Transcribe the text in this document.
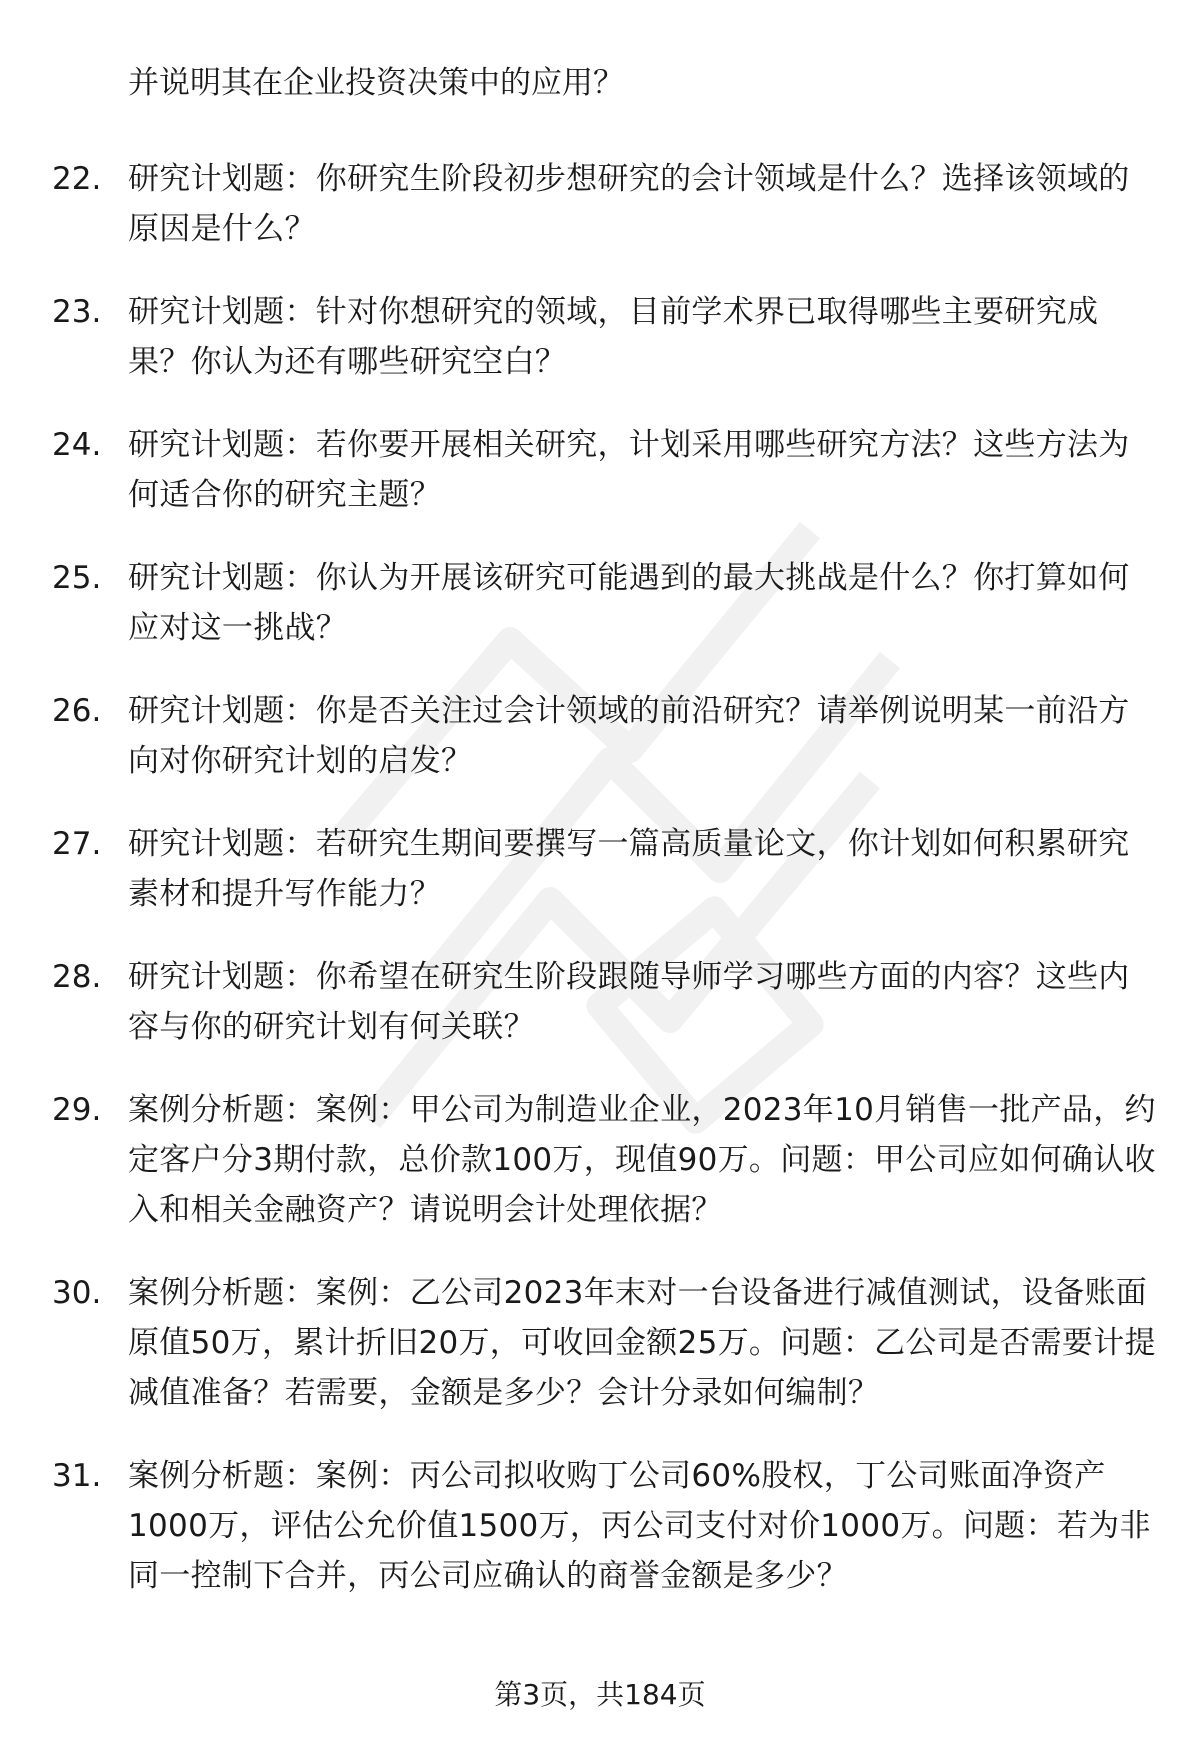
并说明其在企业投资决策中的应用？
22. 研究计划题：你研究生阶段初步想研究的会计领域是什么？选择该领域的原因是什么？
23. 研究计划题：针对你想研究的领域，目前学术界已取得哪些主要研究成果？你认为还有哪些研究空白？
24. 研究计划题：若你要开展相关研究，计划采用哪些研究方法？这些方法为何适合你的研究主题？
25. 研究计划题：你认为开展该研究可能遇到的最大挑战是什么？你打算如何应对这一挑战？
26. 研究计划题：你是否关注过会计领域的前沿研究？请举例说明某一前沿方向对你研究计划的启发？
27. 研究计划题：若研究生期间要撰写一篇高质量论文，你计划如何积累研究素材和提升写作能力？
28. 研究计划题：你希望在研究生阶段跟随导师学习哪些方面的内容？这些内容与你的研究计划有何关联？
29. 案例分析题：案例：甲公司为制造业企业，2023年10月销售一批产品，约定客户分3期付款，总价款100万，现值90万。问题：甲公司应如何确认收入和相关金融资产？请说明会计处理依据？
30. 案例分析题：案例：乙公司2023年末对一台设备进行减值测试，设备账面原值50万，累计折旧20万，可收回金额25万。问题：乙公司是否需要计提减值准备？若需要，金额是多少？会计分录如何编制？
31. 案例分析题：案例：丙公司拟收购丁公司60%股权，丁公司账面净资产1000万，评估公允价值1500万，丙公司支付对价1000万。问题：若为非同一控制下合并，丙公司应确认的商誉金额是多少？
第3页，共184页
